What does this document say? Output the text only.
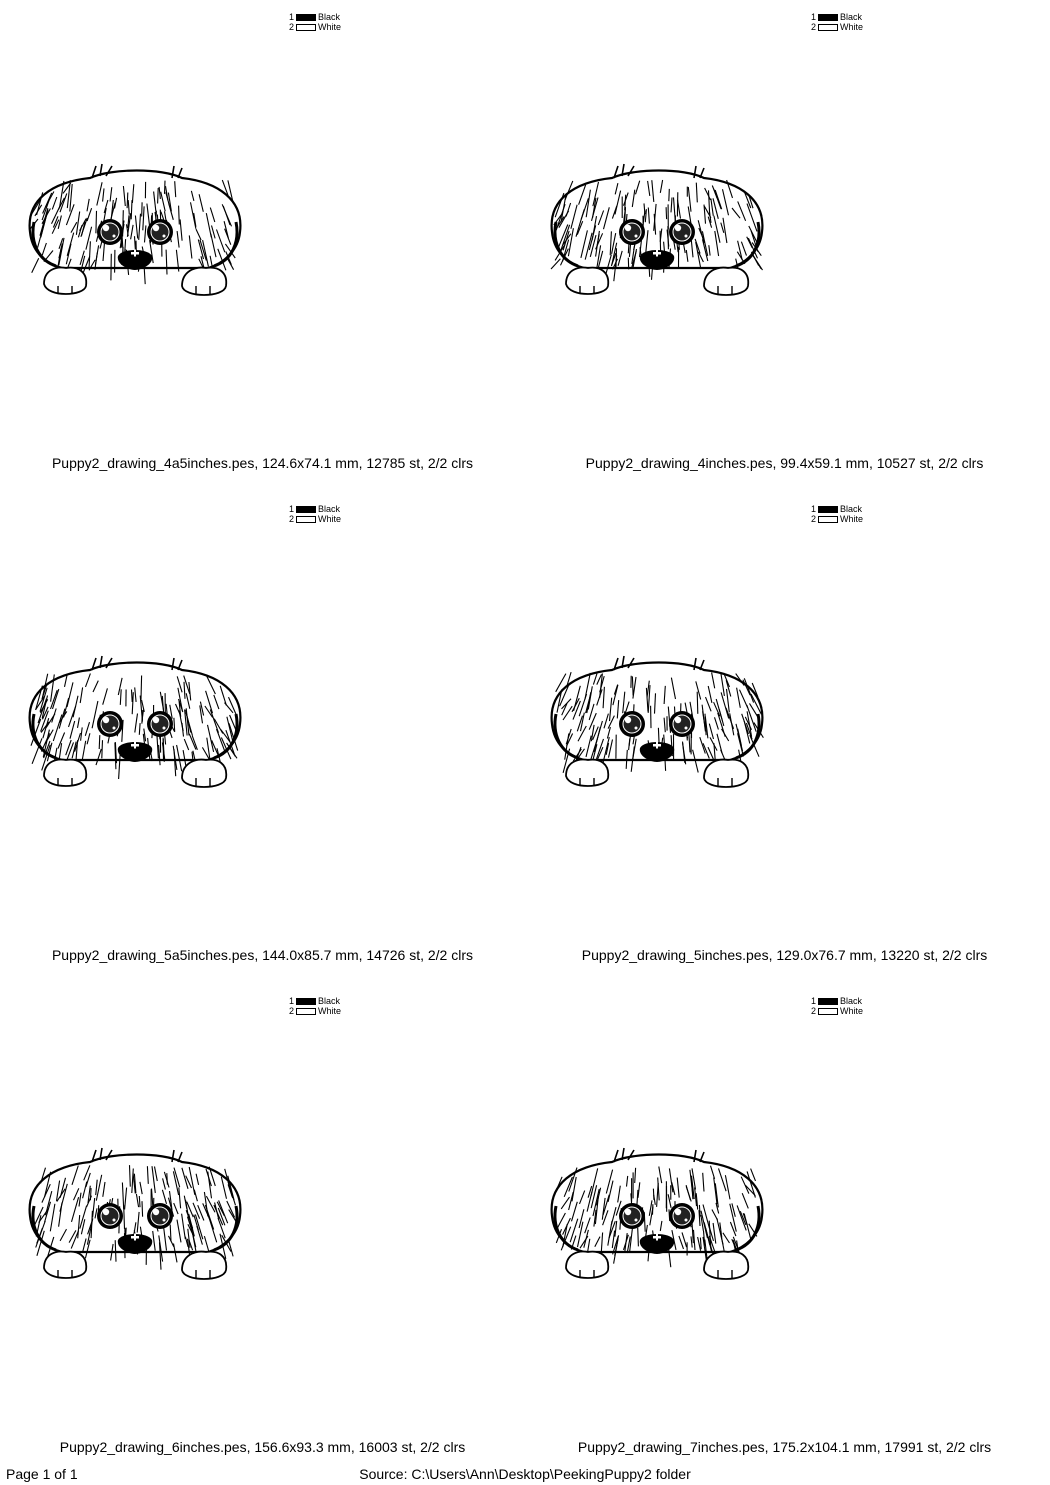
1	Black
2	White
Puppy2_drawing_4a5inches.pes, 124.6x74.1 mm, 12785 st, 2/2 clrs
1	Black
2	White
Puppy2_drawing_4inches.pes, 99.4x59.1 mm, 10527 st, 2/2 clrs
1	Black
2	White
Puppy2_drawing_5a5inches.pes, 144.0x85.7 mm, 14726 st, 2/2 clrs
1	Black
2	White
Puppy2_drawing_5inches.pes, 129.0x76.7 mm, 13220 st, 2/2 clrs
1	Black
2	White
Puppy2_drawing_6inches.pes, 156.6x93.3 mm, 16003 st, 2/2 clrs
1	Black
2	White
Puppy2_drawing_7inches.pes, 175.2x104.1 mm, 17991 st, 2/2 clrs
Page 1 of 1	Source: C:\Users\Ann\Desktop\PeekingPuppy2 folder
